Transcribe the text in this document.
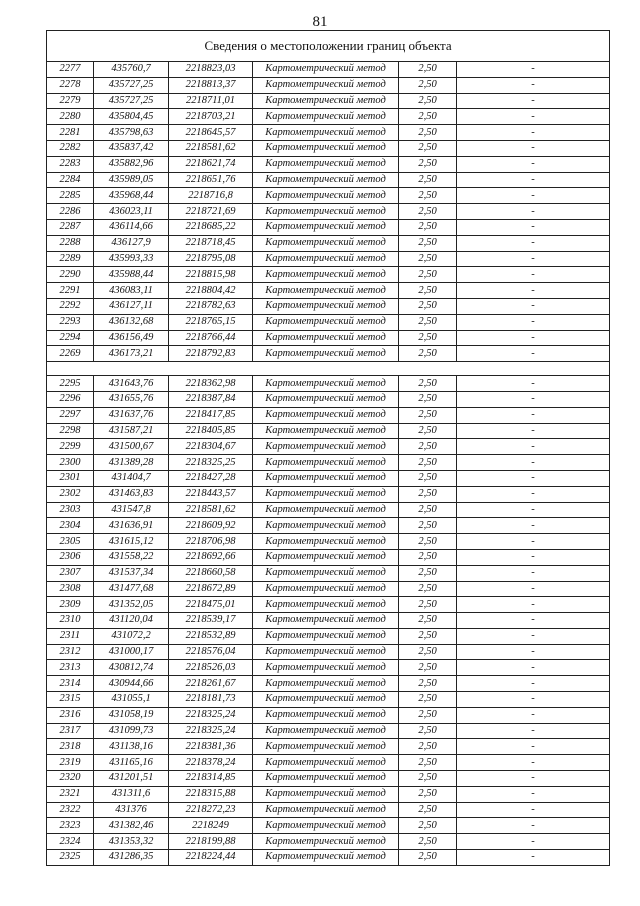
81
Сведения о местоположении границ объекта					
2277	435760,7	2218823,03	Картометрический метод	2,50	-
2278	435727,25	2218813,37	Картометрический метод	2,50	-
2279	435727,25	2218711,01	Картометрический метод	2,50	-
2280	435804,45	2218703,21	Картометрический метод	2,50	-
2281	435798,63	2218645,57	Картометрический метод	2,50	-
2282	435837,42	2218581,62	Картометрический метод	2,50	-
2283	435882,96	2218621,74	Картометрический метод	2,50	-
2284	435989,05	2218651,76	Картометрический метод	2,50	-
2285	435968,44	2218716,8	Картометрический метод	2,50	-
2286	436023,11	2218721,69	Картометрический метод	2,50	-
2287	436114,66	2218685,22	Картометрический метод	2,50	-
2288	436127,9	2218718,45	Картометрический метод	2,50	-
2289	435993,33	2218795,08	Картометрический метод	2,50	-
2290	435988,44	2218815,98	Картометрический метод	2,50	-
2291	436083,11	2218804,42	Картометрический метод	2,50	-
2292	436127,11	2218782,63	Картометрический метод	2,50	-
2293	436132,68	2218765,15	Картометрический метод	2,50	-
2294	436156,49	2218766,44	Картометрический метод	2,50	-
2269	436173,21	2218792,83	Картометрический метод	2,50	-

2295	431643,76	2218362,98	Картометрический метод	2,50	-
2296	431655,76	2218387,84	Картометрический метод	2,50	-
2297	431637,76	2218417,85	Картометрический метод	2,50	-
2298	431587,21	2218405,85	Картометрический метод	2,50	-
2299	431500,67	2218304,67	Картометрический метод	2,50	-
2300	431389,28	2218325,25	Картометрический метод	2,50	-
2301	431404,7	2218427,28	Картометрический метод	2,50	-
2302	431463,83	2218443,57	Картометрический метод	2,50	-
2303	431547,8	2218581,62	Картометрический метод	2,50	-
2304	431636,91	2218609,92	Картометрический метод	2,50	-
2305	431615,12	2218706,98	Картометрический метод	2,50	-
2306	431558,22	2218692,66	Картометрический метод	2,50	-
2307	431537,34	2218660,58	Картометрический метод	2,50	-
2308	431477,68	2218672,89	Картометрический метод	2,50	-
2309	431352,05	2218475,01	Картометрический метод	2,50	-
2310	431120,04	2218539,17	Картометрический метод	2,50	-
2311	431072,2	2218532,89	Картометрический метод	2,50	-
2312	431000,17	2218576,04	Картометрический метод	2,50	-
2313	430812,74	2218526,03	Картометрический метод	2,50	-
2314	430944,66	2218261,67	Картометрический метод	2,50	-
2315	431055,1	2218181,73	Картометрический метод	2,50	-
2316	431058,19	2218325,24	Картометрический метод	2,50	-
2317	431099,73	2218325,24	Картометрический метод	2,50	-
2318	431138,16	2218381,36	Картометрический метод	2,50	-
2319	431165,16	2218378,24	Картометрический метод	2,50	-
2320	431201,51	2218314,85	Картометрический метод	2,50	-
2321	431311,6	2218315,88	Картометрический метод	2,50	-
2322	431376	2218272,23	Картометрический метод	2,50	-
2323	431382,46	2218249	Картометрический метод	2,50	-
2324	431353,32	2218199,88	Картометрический метод	2,50	-
2325	431286,35	2218224,44	Картометрический метод	2,50	-
